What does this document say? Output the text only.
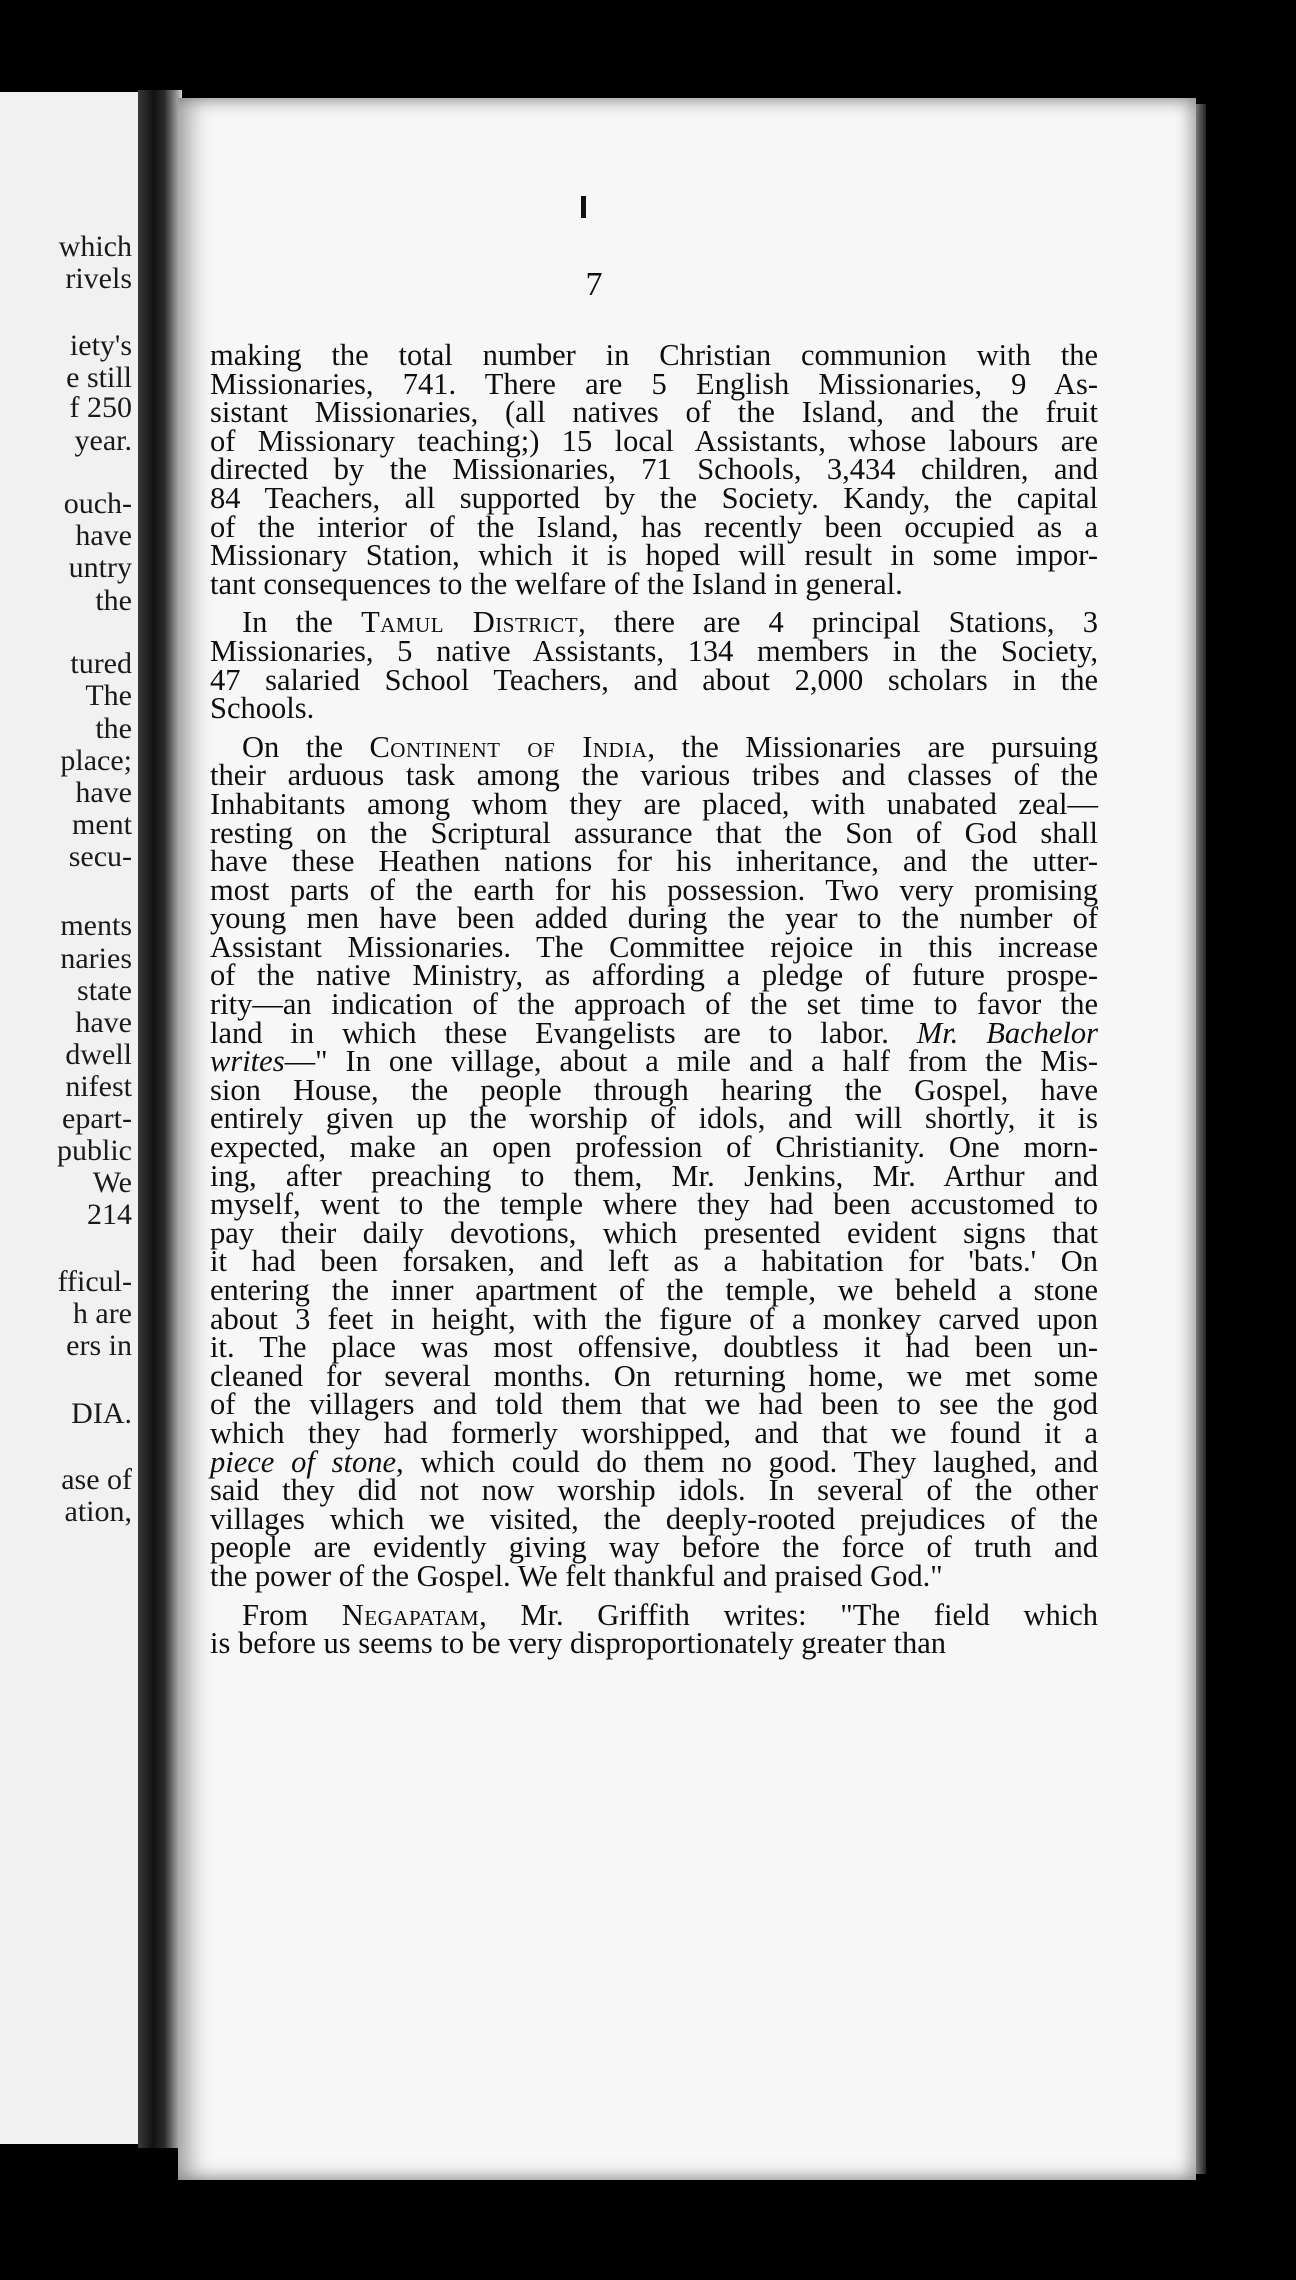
which
rivels
iety's
e still
f 250
year.
ouch-
have
untry
the
tured
The
the
place;
have
ment
secu-
ments
naries
state
have
dwell
nifest
epart-
public
We
214
fficul-
h are
ers in
DIA.
ase of
ation,
7
making the total number in Christian communion with the
Missionaries, 741. There are 5 English Missionaries, 9 As-
sistant Missionaries, (all natives of the Island, and the fruit
of Missionary teaching;) 15 local Assistants, whose labours are
directed by the Missionaries, 71 Schools, 3,434 children, and
84 Teachers, all supported by the Society. Kandy, the capital
of the interior of the Island, has recently been occupied as a
Missionary Station, which it is hoped will result in some impor-
tant consequences to the welfare of the Island in general.
In the Tamul District, there are 4 principal Stations, 3
Missionaries, 5 native Assistants, 134 members in the Society,
47 salaried School Teachers, and about 2,000 scholars in the
Schools.
On the Continent of India, the Missionaries are pursuing
their arduous task among the various tribes and classes of the
Inhabitants among whom they are placed, with unabated zeal—
resting on the Scriptural assurance that the Son of God shall
have these Heathen nations for his inheritance, and the utter-
most parts of the earth for his possession. Two very promising
young men have been added during the year to the number of
Assistant Missionaries. The Committee rejoice in this increase
of the native Ministry, as affording a pledge of future prospe-
rity—an indication of the approach of the set time to favor the
land in which these Evangelists are to labor. Mr. Bachelor
writes—" In one village, about a mile and a half from the Mis-
sion House, the people through hearing the Gospel, have
entirely given up the worship of idols, and will shortly, it is
expected, make an open profession of Christianity. One morn-
ing, after preaching to them, Mr. Jenkins, Mr. Arthur and
myself, went to the temple where they had been accustomed to
pay their daily devotions, which presented evident signs that
it had been forsaken, and left as a habitation for 'bats.' On
entering the inner apartment of the temple, we beheld a stone
about 3 feet in height, with the figure of a monkey carved upon
it. The place was most offensive, doubtless it had been un-
cleaned for several months. On returning home, we met some
of the villagers and told them that we had been to see the god
which they had formerly worshipped, and that we found it a
piece of stone, which could do them no good. They laughed, and
said they did not now worship idols. In several of the other
villages which we visited, the deeply-rooted prejudices of the
people are evidently giving way before the force of truth and
the power of the Gospel. We felt thankful and praised God."
From Negapatam, Mr. Griffith writes: "The field which
is before us seems to be very disproportionately greater than
